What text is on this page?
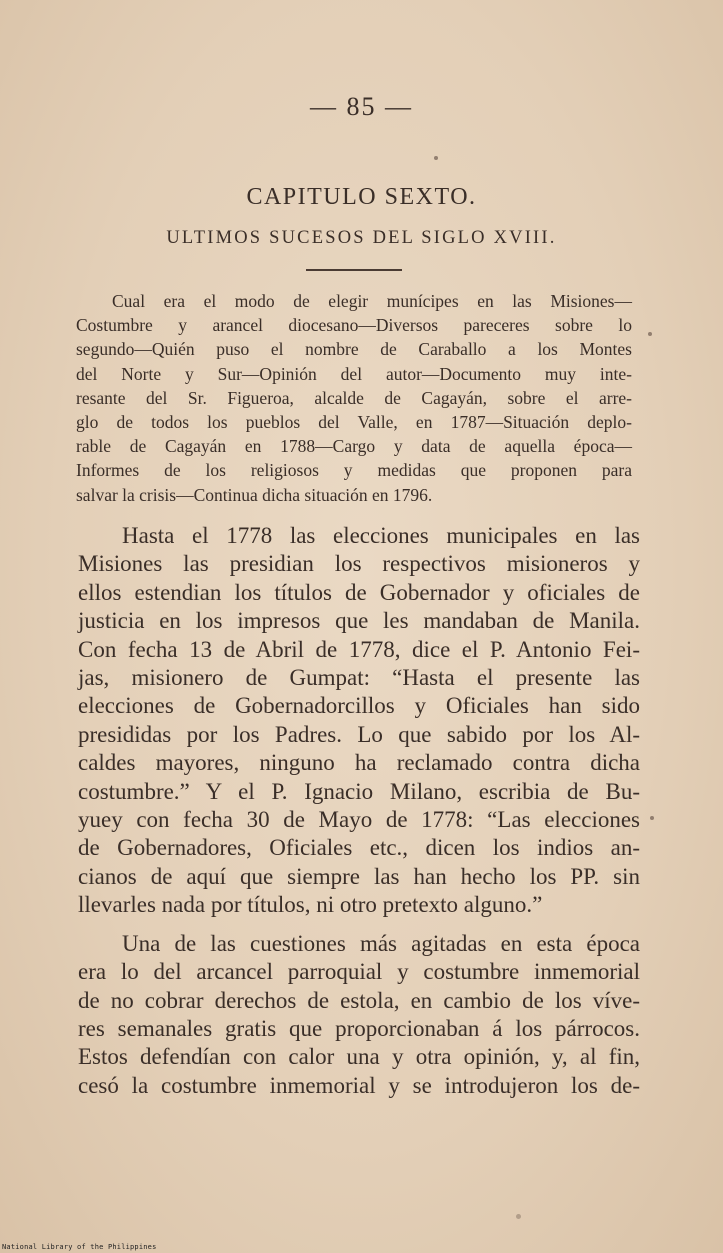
— 85 —
CAPITULO SEXTO.
ULTIMOS SUCESOS DEL SIGLO XVIII.
Cual era el modo de elegir munícipes en las Misiones—
Costumbre y arancel diocesano—Diversos pareceres sobre lo
segundo—Quién puso el nombre de Caraballo a los Montes
del Norte y Sur—Opinión del autor—Documento muy inte-
resante del Sr. Figueroa, alcalde de Cagayán, sobre el arre-
glo de todos los pueblos del Valle, en 1787—Situación deplo-
rable de Cagayán en 1788—Cargo y data de aquella época—
Informes de los religiosos y medidas que proponen para
salvar la crisis—Continua dicha situación en 1796.
Hasta el 1778 las elecciones municipales en las
Misiones las presidian los respectivos misioneros y
ellos estendian los títulos de Gobernador y oficiales de
justicia en los impresos que les mandaban de Manila.
Con fecha 13 de Abril de 1778, dice el P. Antonio Fei-
jas, misionero de Gumpat: “Hasta el presente las
elecciones de Gobernadorcillos y Oficiales han sido
presididas por los Padres. Lo que sabido por los Al-
caldes mayores, ninguno ha reclamado contra dicha
costumbre.” Y el P. Ignacio Milano, escribia de Bu-
yuey con fecha 30 de Mayo de 1778: “Las elecciones
de Gobernadores, Oficiales etc., dicen los indios an-
cianos de aquí que siempre las han hecho los PP. sin
llevarles nada por títulos, ni otro pretexto alguno.”
Una de las cuestiones más agitadas en esta época
era lo del arcancel parroquial y costumbre inmemorial
de no cobrar derechos de estola, en cambio de los víve-
res semanales gratis que proporcionaban á los párrocos.
Estos defendían con calor una y otra opinión, y, al fin,
cesó la costumbre inmemorial y se introdujeron los de-
National Library of the Philippines
